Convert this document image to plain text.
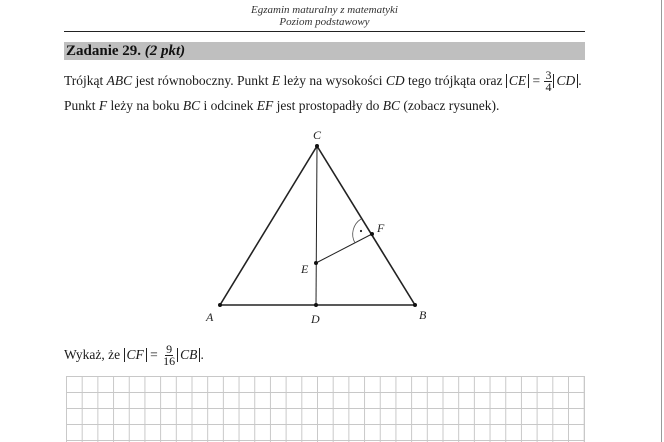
Egzamin maturalny z matematyki
Poziom podstawowy
Zadanie 29. (2 pkt)
Trójkąt ABC jest równoboczny. Punkt E leży na wysokości CD tego trójkąta oraz CE = $\frac{3}{4}$ CD .
Punkt F leży na boku BC i odcinek EF jest prostopadły do BC (zobacz rysunek).
C
F
E
A	D	B
Wykaż, że CF = $\frac{9}{16}$ CB .
